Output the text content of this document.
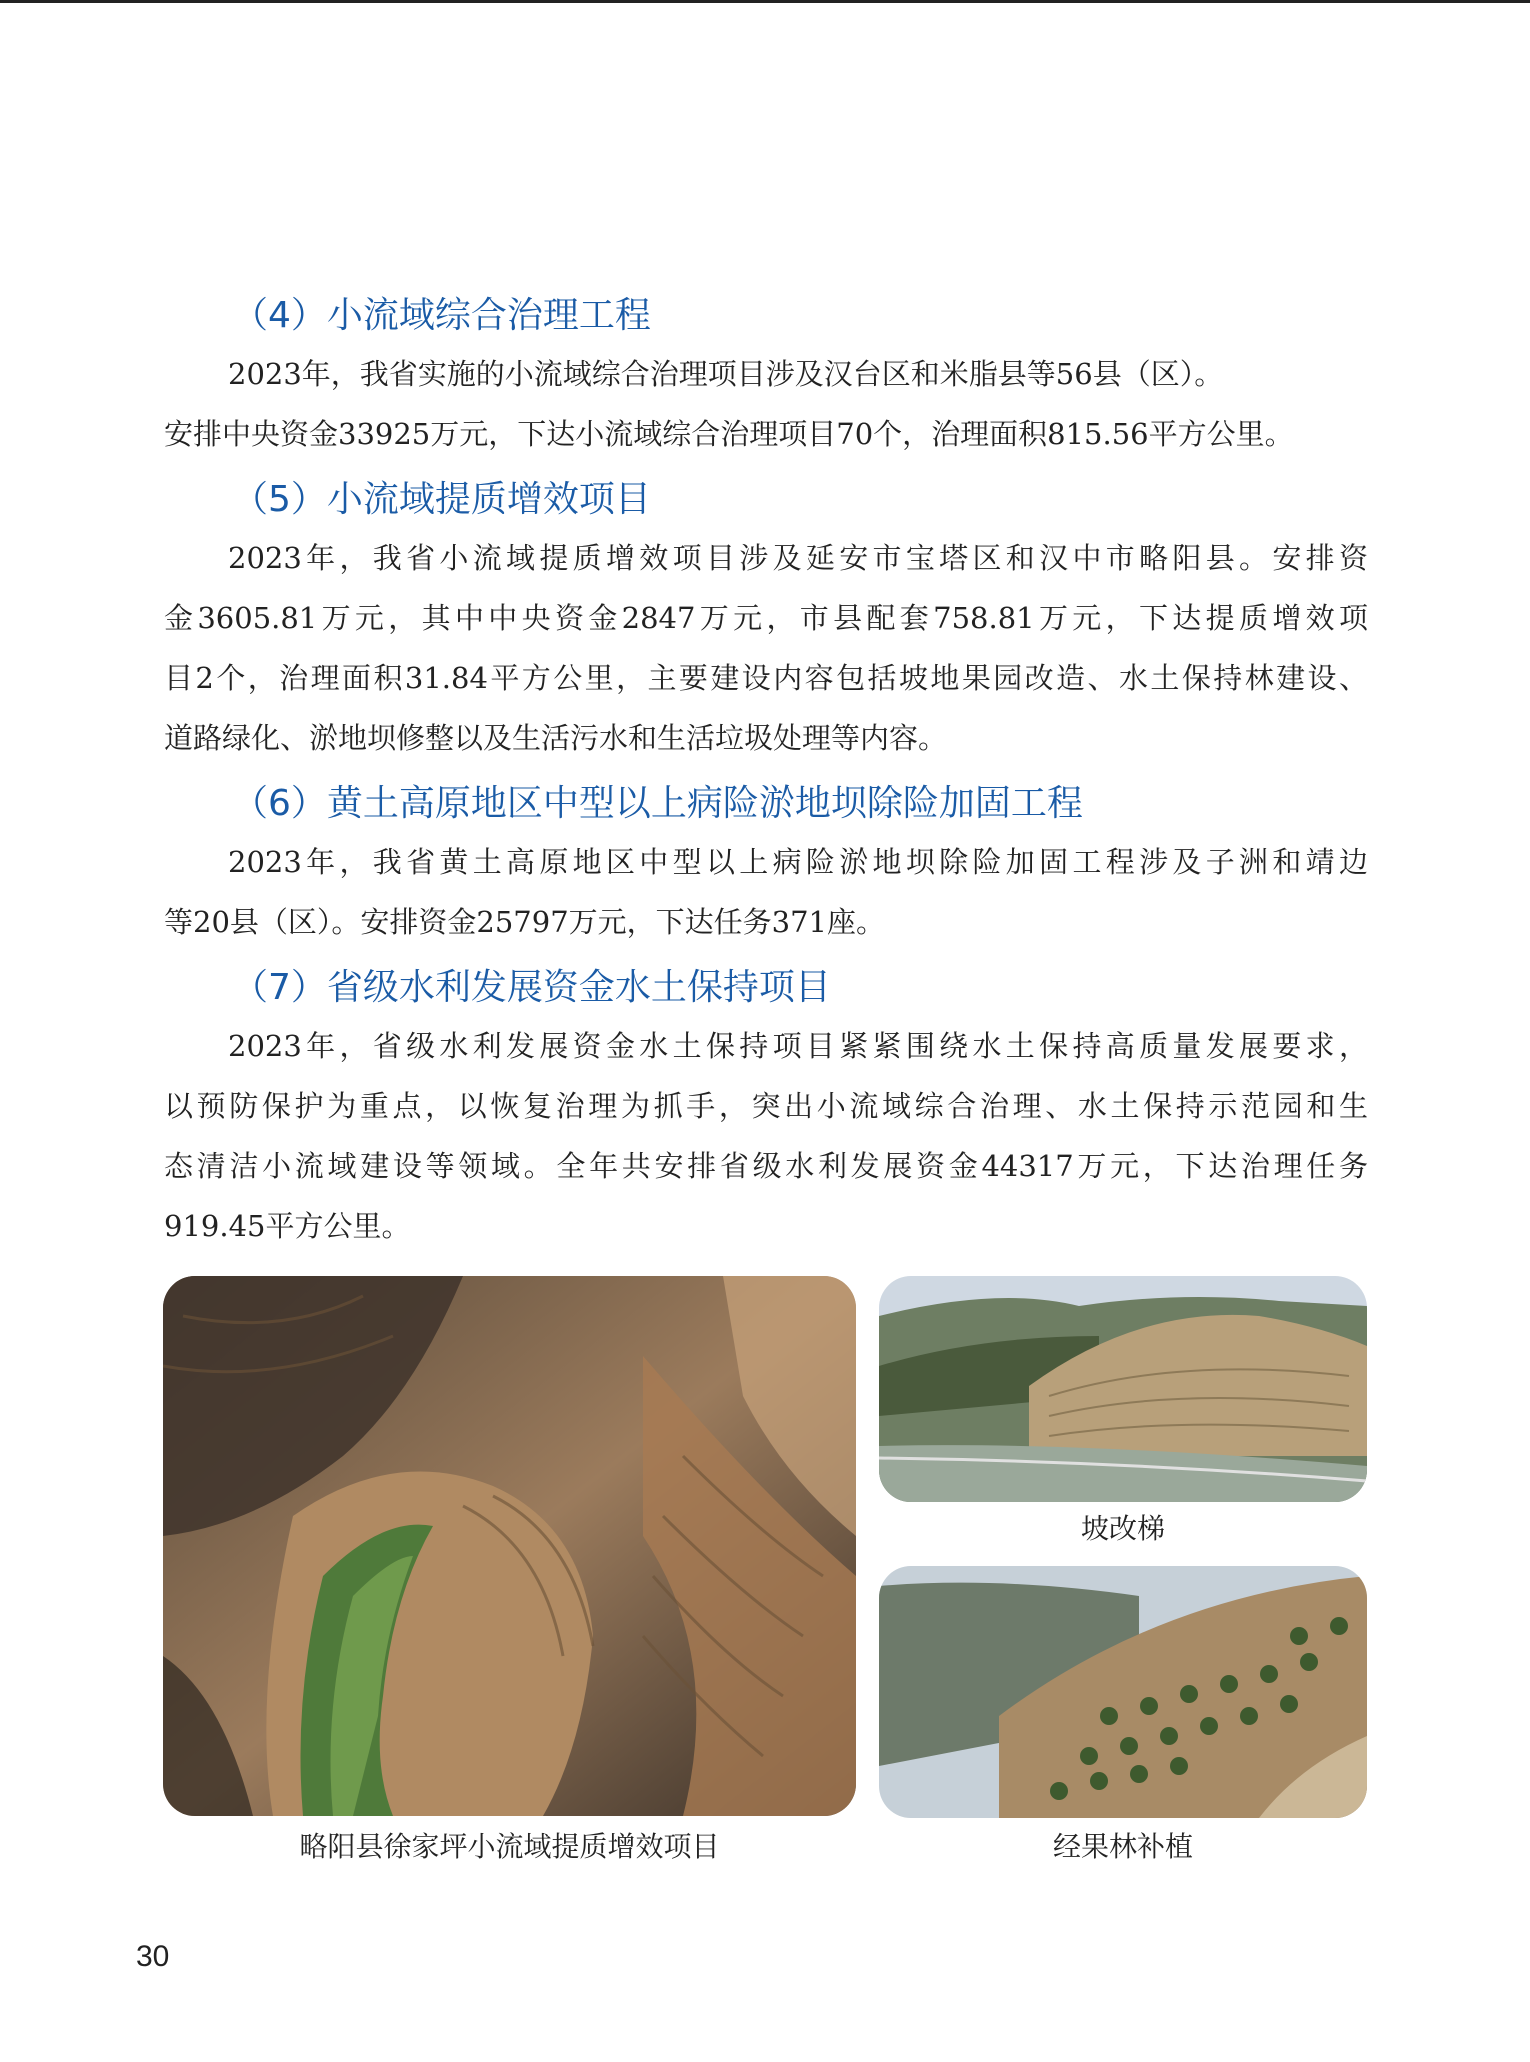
（4）小流域综合治理工程
2023年，我省实施的小流域综合治理项目涉及汉台区和米脂县等56县（区）。
安排中央资金33925万元，下达小流域综合治理项目70个，治理面积815.56平方公里。
（5）小流域提质增效项目
2023年，我省小流域提质增效项目涉及延安市宝塔区和汉中市略阳县。安排资
金3605.81万元，其中中央资金2847万元，市县配套758.81万元，下达提质增效项
目2个，治理面积31.84平方公里，主要建设内容包括坡地果园改造、水土保持林建设、
道路绿化、淤地坝修整以及生活污水和生活垃圾处理等内容。
（6）黄土高原地区中型以上病险淤地坝除险加固工程
2023年，我省黄土高原地区中型以上病险淤地坝除险加固工程涉及子洲和靖边
等20县（区）。安排资金25797万元，下达任务371座。
（7）省级水利发展资金水土保持项目
2023年，省级水利发展资金水土保持项目紧紧围绕水土保持高质量发展要求，
以预防保护为重点，以恢复治理为抓手，突出小流域综合治理、水土保持示范园和生
态清洁小流域建设等领域。全年共安排省级水利发展资金44317万元，下达治理任务
919.45平方公里。
略阳县徐家坪小流域提质增效项目
坡改梯
经果林补植
30
